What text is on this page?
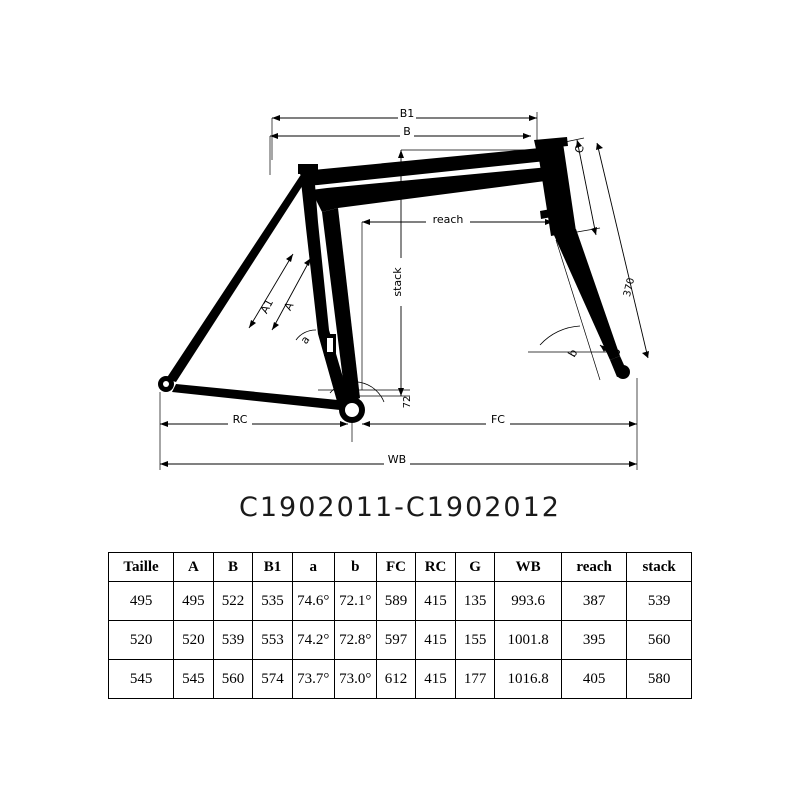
B1
B
reach
stack
A1 A
a
C
370
45
b
72
RC	FC
WB
C1902011-C1902012
Taille	A	B	B1	a	b	FC	RC	G	WB	reach	stack
495	495	522	535	74.6°	72.1°	589	415	135	993.6	387	539
520	520	539	553	74.2°	72.8°	597	415	155	1001.8	395	560
545	545	560	574	73.7°	73.0°	612	415	177	1016.8	405	580
